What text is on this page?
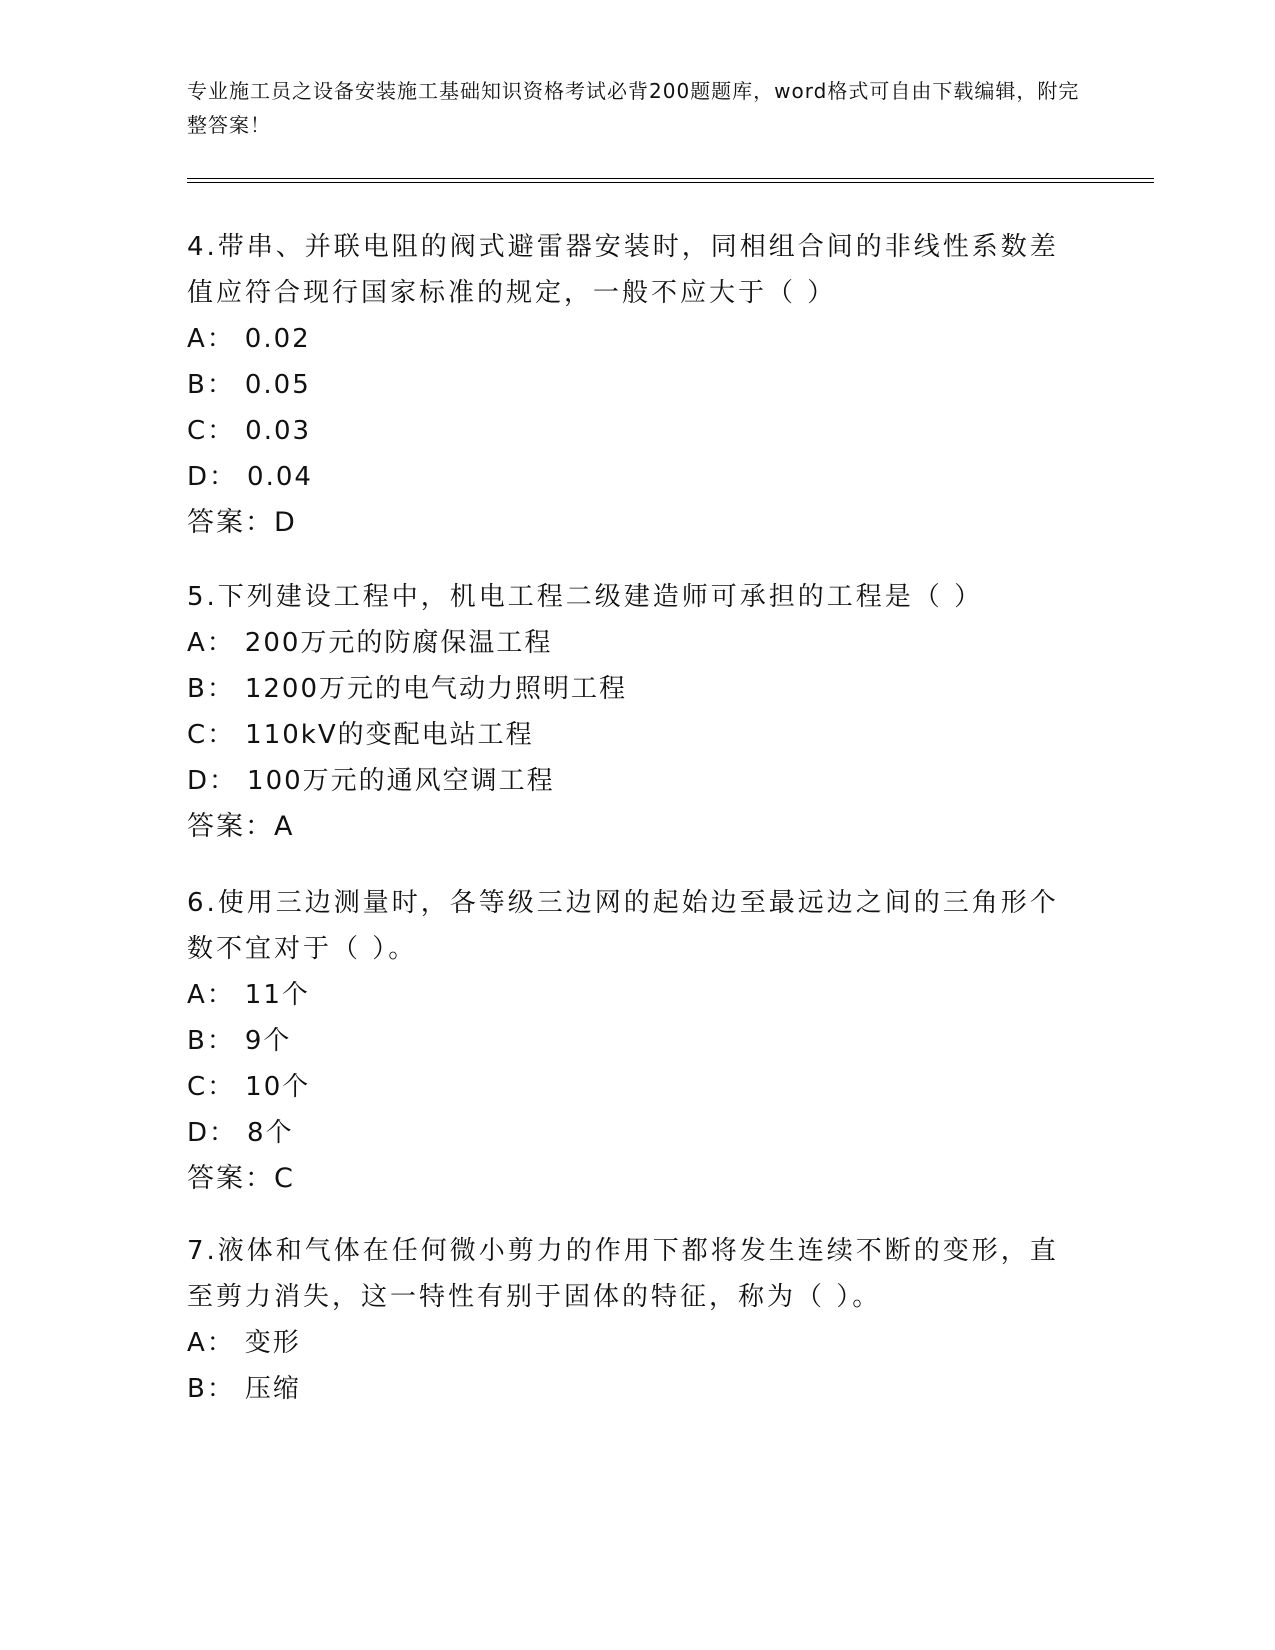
专业施工员之设备安装施工基础知识资格考试必背200题题库，word格式可自由下载编辑，附完整答案！
4.带串、并联电阻的阀式避雷器安装时，同相组合间的非线性系数差值应符合现行国家标准的规定，一般不应大于（ ）
A： 0.02
B： 0.05
C： 0.03
D： 0.04
答案：D
5.下列建设工程中，机电工程二级建造师可承担的工程是（ ）
A： 200万元的防腐保温工程
B： 1200万元的电气动力照明工程
C： 110kV的变配电站工程
D： 100万元的通风空调工程
答案：A
6.使用三边测量时，各等级三边网的起始边至最远边之间的三角形个数不宜对于（ ）。
A： 11个
B： 9个
C： 10个
D： 8个
答案：C
7.液体和气体在任何微小剪力的作用下都将发生连续不断的变形，直至剪力消失，这一特性有别于固体的特征，称为（ ）。
A： 变形
B： 压缩
